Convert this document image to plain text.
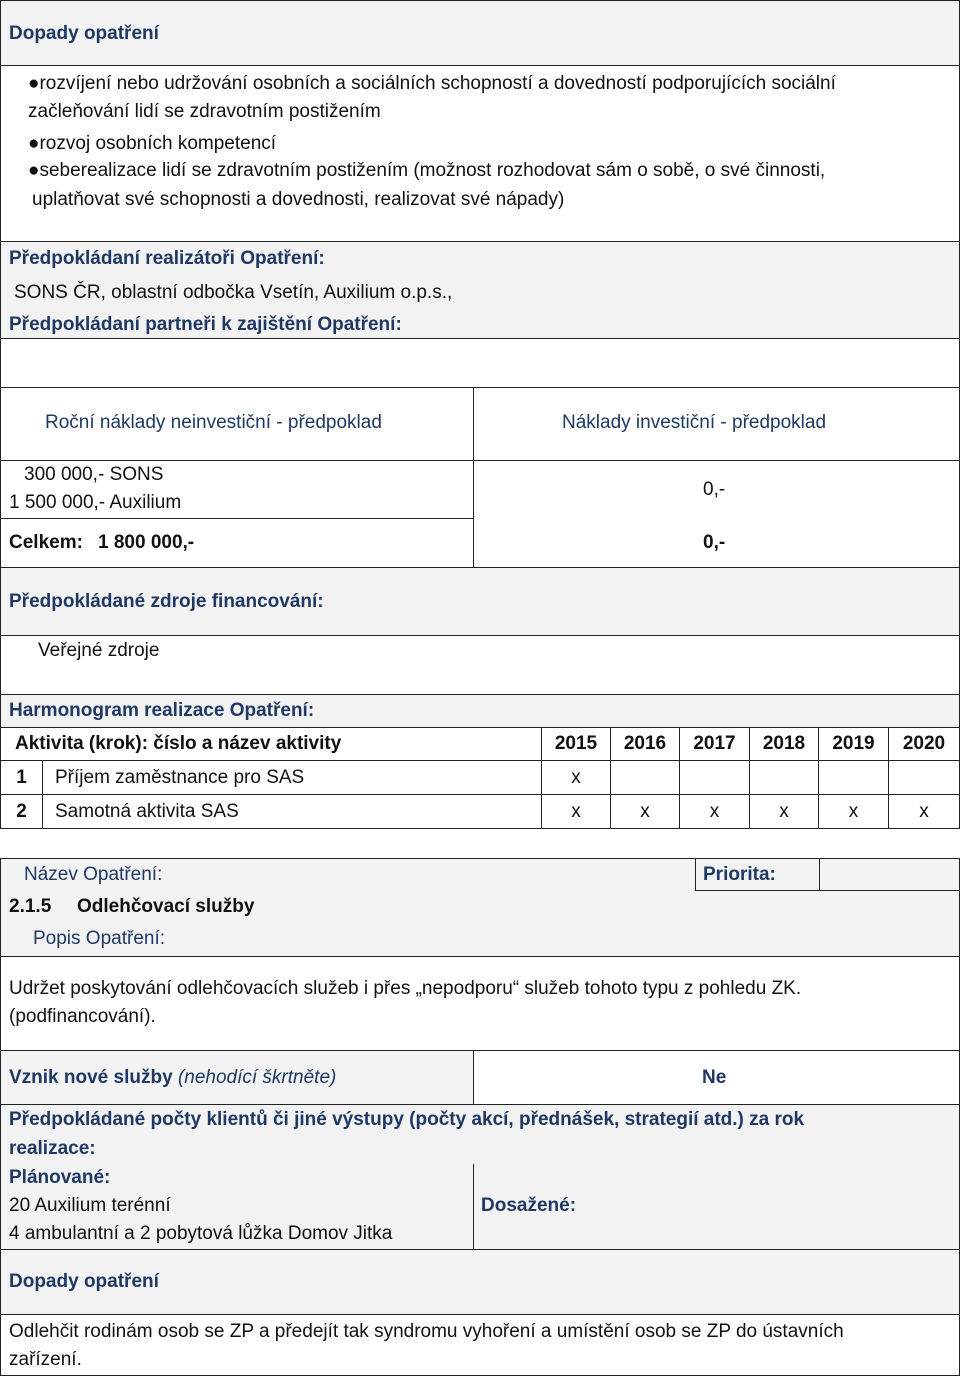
Dopady opatření
●rozvíjení nebo udržování osobních a sociálních schopností a dovedností podporujících sociální
začleňování lidí se zdravotním postižením
●rozvoj osobních kompetencí
●seberealizace lidí se zdravotním postižením (možnost rozhodovat sám o sobě, o své činnosti,
uplatňovat své schopnosti a dovednosti, realizovat své nápady)
Předpokládaní realizátoři Opatření:
SONS ČR, oblastní odbočka Vsetín, Auxilium o.p.s.,
Předpokládaní partneři k zajištění Opatření:
Roční náklady neinvestiční - předpoklad	Náklady investiční - předpoklad
300 000,- SONS
1 500 000,- Auxilium
0,-
Celkem: 1 800 000,-	0,-
Předpokládané zdroje financování:
Veřejné zdroje
Harmonogram realizace Opatření:
Aktivita (krok): číslo a název aktivity	2015 2016 2017 2018 2019 2020
1 Příjem zaměstnance pro SAS	x
2 Samotná aktivita SAS	x	x	x	x	x	x
Název Opatření:	Priorita:
2.1.5 Odlehčovací služby
Popis Opatření:
Udržet poskytování odlehčovacích služeb i přes „nepodporu“ služeb tohoto typu z pohledu ZK.
(podfinancování).
Vznik nové služby (nehodící škrtněte)	Ne
Předpokládané počty klientů či jiné výstupy (počty akcí, přednášek, strategií atd.) za rok
realizace:
Plánované:
20 Auxilium terénní
4 ambulantní a 2 pobytová lůžka Domov Jitka
Dosažené:
Dopady opatření
Odlehčit rodinám osob se ZP a předejít tak syndromu vyhoření a umístění osob se ZP do ústavních
zařízení.
